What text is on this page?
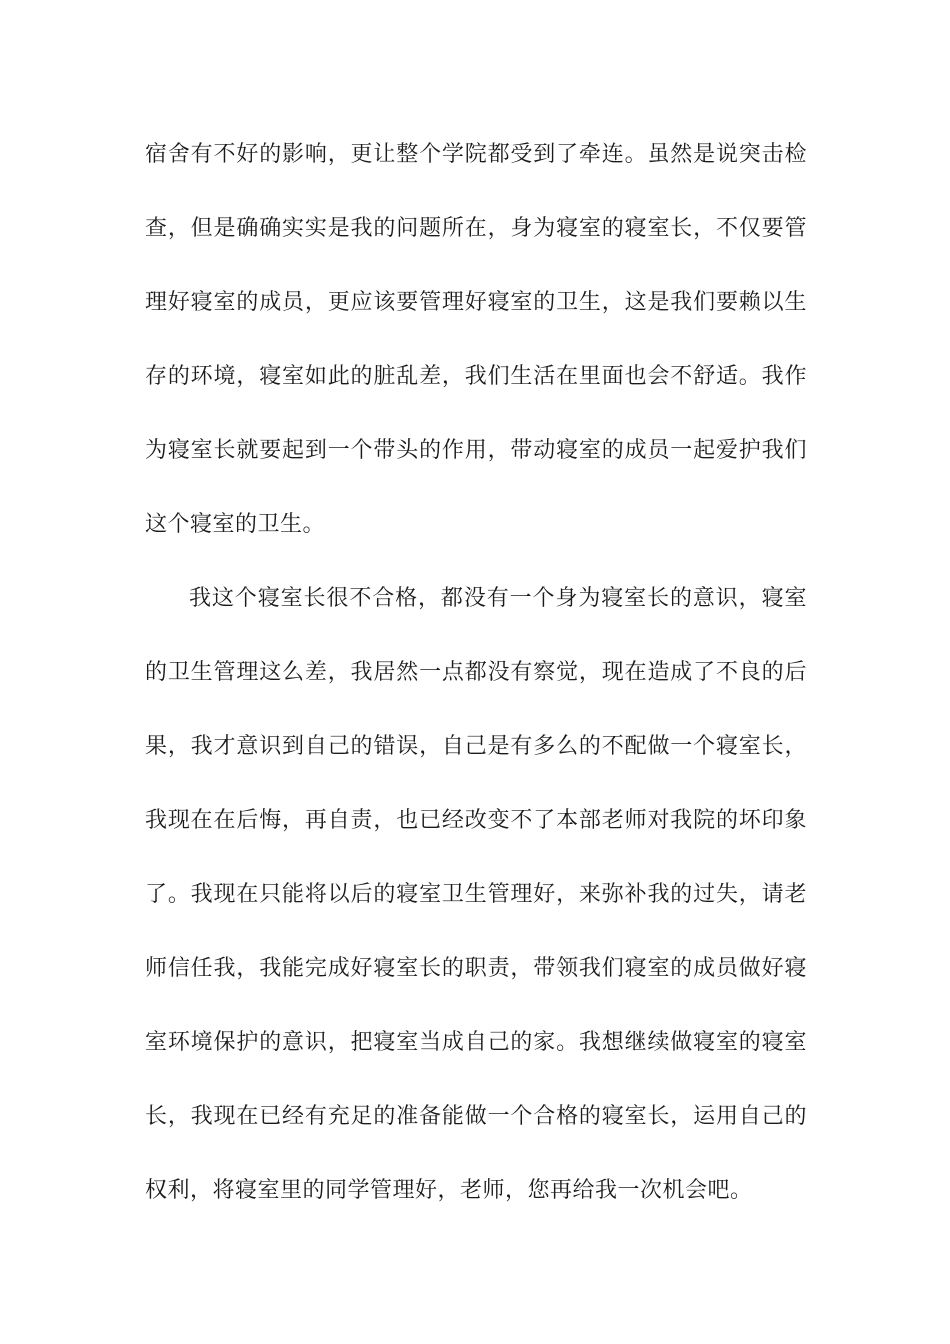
宿舍有不好的影响，更让整个学院都受到了牵连。虽然是说突击检
查，但是确确实实是我的问题所在，身为寝室的寝室长，不仅要管
理好寝室的成员，更应该要管理好寝室的卫生，这是我们要赖以生
存的环境，寝室如此的脏乱差，我们生活在里面也会不舒适。我作
为寝室长就要起到一个带头的作用，带动寝室的成员一起爱护我们
这个寝室的卫生。
我这个寝室长很不合格，都没有一个身为寝室长的意识，寝室
的卫生管理这么差，我居然一点都没有察觉，现在造成了不良的后
果，我才意识到自己的错误，自己是有多么的不配做一个寝室长，
我现在在后悔，再自责，也已经改变不了本部老师对我院的坏印象
了。我现在只能将以后的寝室卫生管理好，来弥补我的过失，请老
师信任我，我能完成好寝室长的职责，带领我们寝室的成员做好寝
室环境保护的意识，把寝室当成自己的家。我想继续做寝室的寝室
长，我现在已经有充足的准备能做一个合格的寝室长，运用自己的
权利，将寝室里的同学管理好，老师，您再给我一次机会吧。
